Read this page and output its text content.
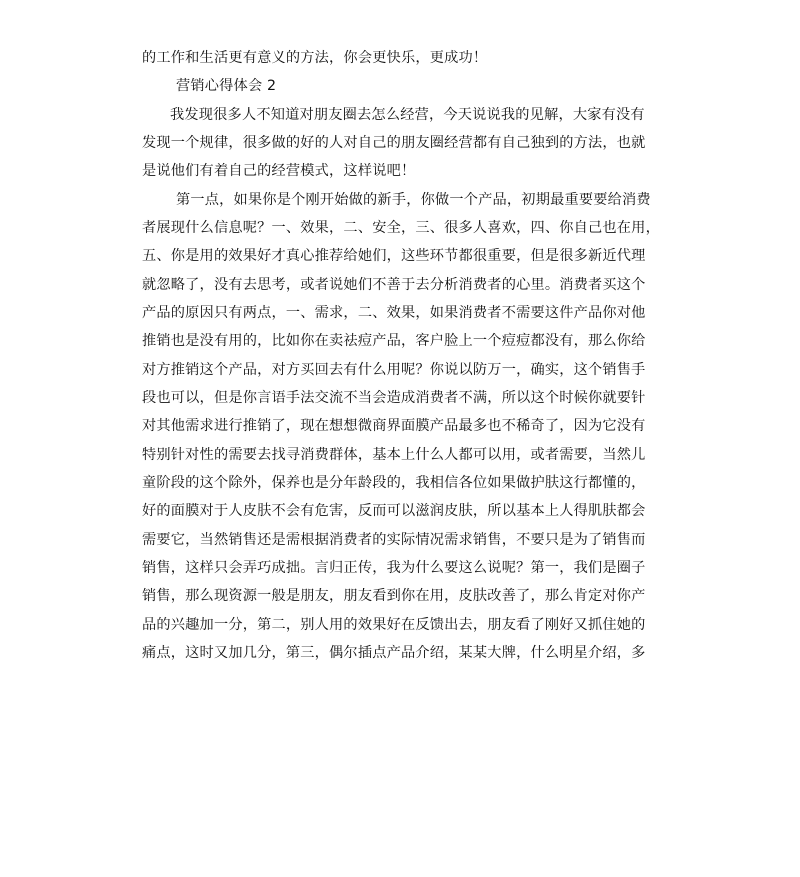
的工作和生活更有意义的方法，你会更快乐，更成功！
营销心得体会 2
我发现很多人不知道对朋友圈去怎么经营，今天说说我的见解，大家有没有
发现一个规律，很多做的好的人对自己的朋友圈经营都有自己独到的方法，也就
是说他们有着自己的经营模式，这样说吧！
第一点，如果你是个刚开始做的新手，你做一个产品，初期最重要要给消费
者展现什么信息呢？一、效果，二、安全，三、很多人喜欢，四、你自己也在用，
五、你是用的效果好才真心推荐给她们，这些环节都很重要，但是很多新近代理
就忽略了，没有去思考，或者说她们不善于去分析消费者的心里。消费者买这个
产品的原因只有两点，一、需求，二、效果，如果消费者不需要这件产品你对他
推销也是没有用的，比如你在卖祛痘产品，客户脸上一个痘痘都没有，那么你给
对方推销这个产品，对方买回去有什么用呢？你说以防万一，确实，这个销售手
段也可以，但是你言语手法交流不当会造成消费者不满，所以这个时候你就要针
对其他需求进行推销了，现在想想微商界面膜产品最多也不稀奇了，因为它没有
特别针对性的需要去找寻消费群体，基本上什么人都可以用，或者需要，当然儿
童阶段的这个除外，保养也是分年龄段的，我相信各位如果做护肤这行都懂的，
好的面膜对于人皮肤不会有危害，反而可以滋润皮肤，所以基本上人得肌肤都会
需要它，当然销售还是需根据消费者的实际情况需求销售，不要只是为了销售而
销售，这样只会弄巧成拙。言归正传，我为什么要这么说呢？第一，我们是圈子
销售，那么现资源一般是朋友，朋友看到你在用，皮肤改善了，那么肯定对你产
品的兴趣加一分，第二，别人用的效果好在反馈出去，朋友看了刚好又抓住她的
痛点，这时又加几分，第三，偶尔插点产品介绍，某某大牌，什么明星介绍，多
